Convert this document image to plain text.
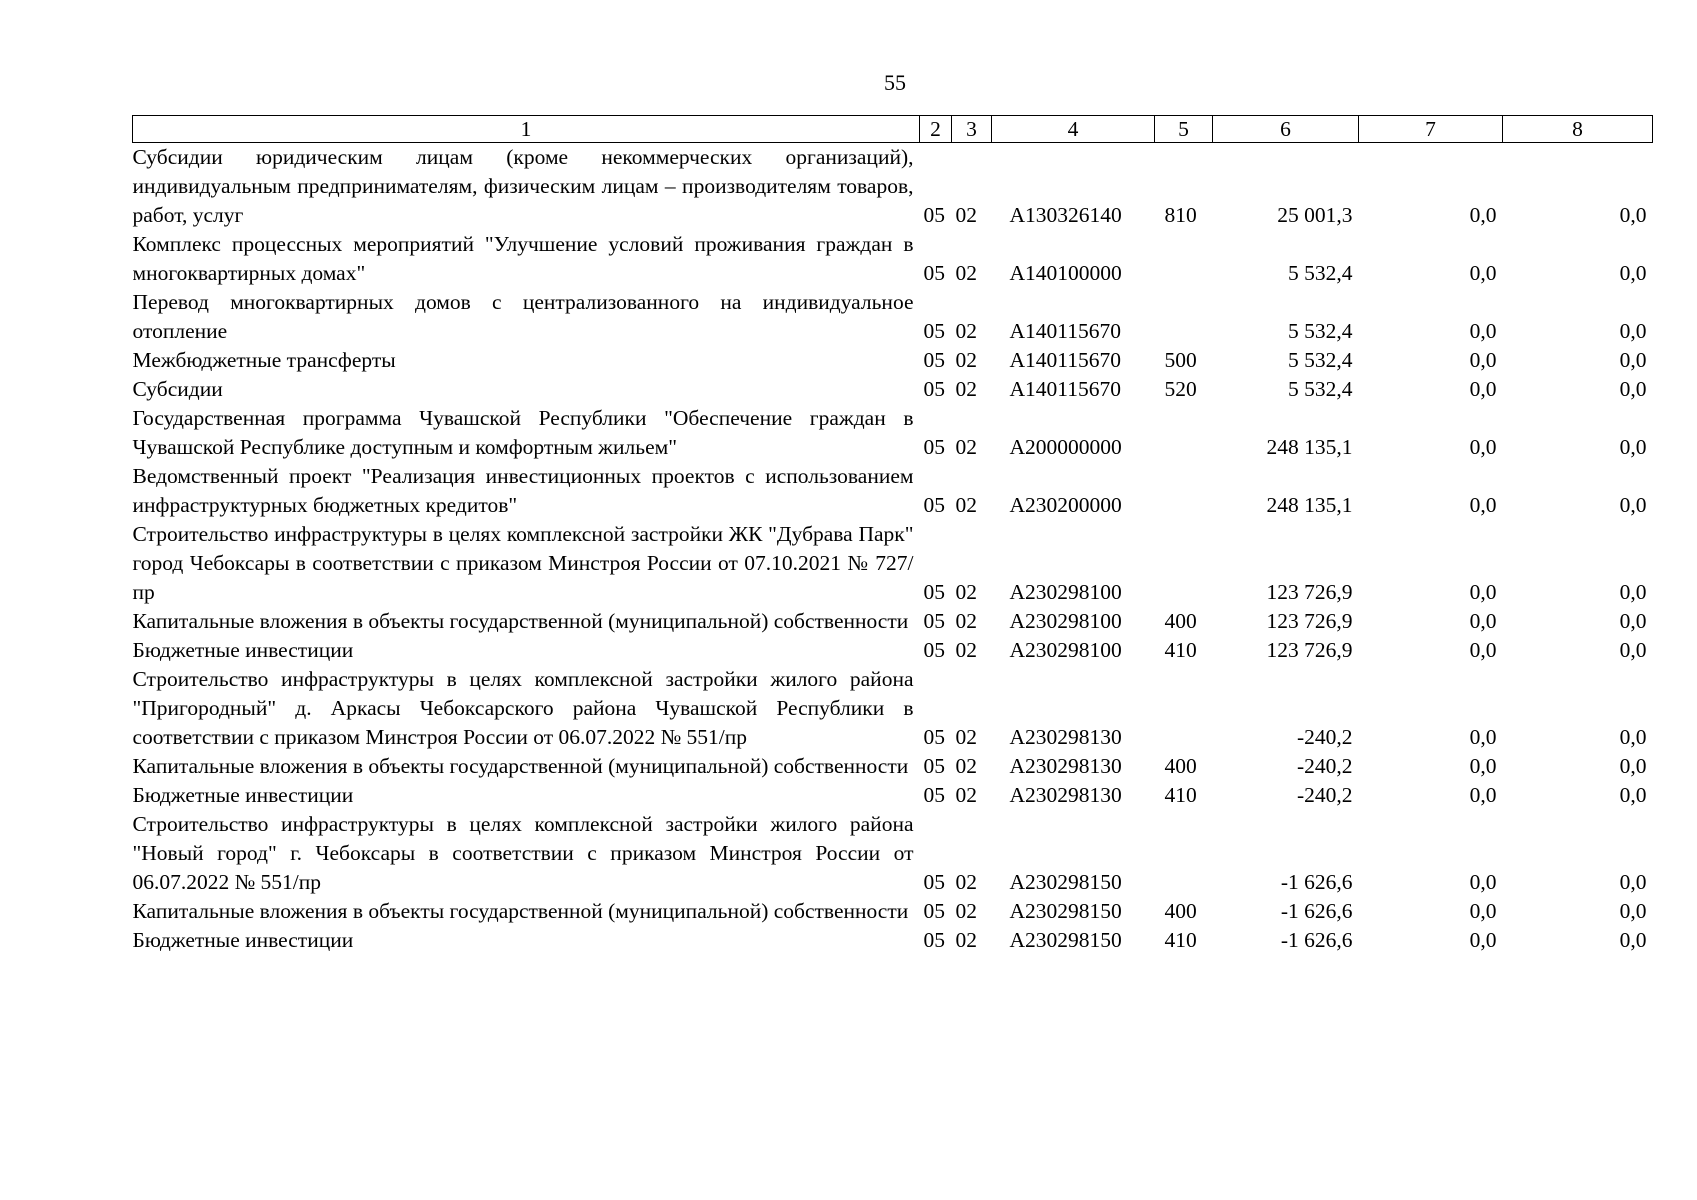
55
1	2	3	4	5	6	7	8
Субсидии юридическим лицам (кроме некоммерческих организаций), индивидуальным предпринимателям, физическим лицам – производителям товаров, работ, услуг	05	02	А130326140	810	25 001,3	0,0	0,0
Комплекс процессных мероприятий "Улучшение условий проживания граждан в многоквартирных домах"	05	02	А140100000		5 532,4	0,0	0,0
Перевод многоквартирных домов с централизованного на индивидуальное отопление	05	02	А140115670		5 532,4	0,0	0,0
Межбюджетные трансферты	05	02	А140115670	500	5 532,4	0,0	0,0
Субсидии	05	02	А140115670	520	5 532,4	0,0	0,0
Государственная программа Чувашской Республики "Обеспечение граждан в Чувашской Республике доступным и комфортным жильем"	05	02	А200000000		248 135,1	0,0	0,0
Ведомственный проект "Реализация инвестиционных проектов с использованием инфраструктурных бюджетных кредитов"	05	02	А230200000		248 135,1	0,0	0,0
Строительство инфраструктуры в целях комплексной застройки ЖК "Дубрава Парк" город Чебоксары в соответствии с приказом Минстроя России от 07.10.2021 № 727/пр	05	02	А230298100		123 726,9	0,0	0,0
Капитальные вложения в объекты государственной (муниципальной) собственности	05	02	А230298100	400	123 726,9	0,0	0,0
Бюджетные инвестиции	05	02	А230298100	410	123 726,9	0,0	0,0
Строительство инфраструктуры в целях комплексной застройки жилого района "Пригородный" д. Аркасы Чебоксарского района Чувашской Республики в соответствии с приказом Минстроя России от 06.07.2022 № 551/пр	05	02	А230298130		-240,2	0,0	0,0
Капитальные вложения в объекты государственной (муниципальной) собственности	05	02	А230298130	400	-240,2	0,0	0,0
Бюджетные инвестиции	05	02	А230298130	410	-240,2	0,0	0,0
Строительство инфраструктуры в целях комплексной застройки жилого района "Новый город" г. Чебоксары в соответствии с приказом Минстроя России от 06.07.2022 № 551/пр	05	02	А230298150		-1 626,6	0,0	0,0
Капитальные вложения в объекты государственной (муниципальной) собственности	05	02	А230298150	400	-1 626,6	0,0	0,0
Бюджетные инвестиции	05	02	А230298150	410	-1 626,6	0,0	0,0
